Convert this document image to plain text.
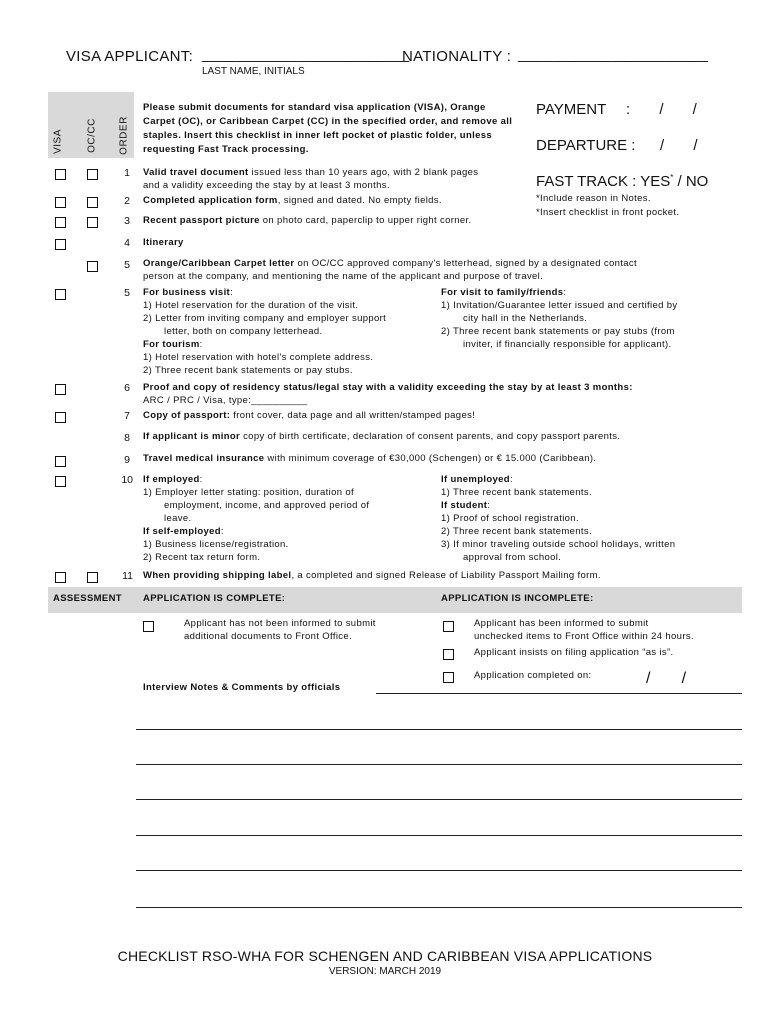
VISA APPLICANT: ________________________
LAST NAME, INITIALS
NATIONALITY : ______________________
VISA OC/CC ORDER
Please submit documents for standard visa application (VISA), Orange Carpet (OC), or Caribbean Carpet (CC) in the specified order, and remove all staples. Insert this checklist in inner left pocket of plastic folder, unless requesting Fast Track processing.
PAYMENT :       /       /
DEPARTURE : /       /
FAST TRACK : YES* / NO
*Include reason in Notes.
*Insert checklist in front pocket.
1 Valid travel document issued less than 10 years ago, with 2 blank pages
and a validity exceeding the stay by at least 3 months.
2 Completed application form, signed and dated. No empty fields.
3 Recent passport picture on photo card, paperclip to upper right corner.
4 Itinerary
5 Orange/Caribbean Carpet letter on OC/CC approved company's letterhead, signed by a designated contact
person at the company, and mentioning the name of the applicant and purpose of travel.
5 For business visit:
1) Hotel reservation for the duration of the visit.
2) Letter from inviting company and employer support
letter, both on company letterhead.
For tourism:
1) Hotel reservation with hotel's complete address.
2) Three recent bank statements or pay stubs.
For visit to family/friends:
1) Invitation/Guarantee letter issued and certified by
city hall in the Netherlands.
2) Three recent bank statements or pay stubs (from
inviter, if financially responsible for applicant).
6 Proof and copy of residency status/legal stay with a validity exceeding the stay by at least 3 months:
ARC / PRC / Visa, type:__________
7 Copy of passport: front cover, data page and all written/stamped pages!
8 If applicant is minor copy of birth certificate, declaration of consent parents, and copy passport parents.
9 Travel medical insurance with minimum coverage of €30,000 (Schengen) or € 15.000 (Caribbean).
10 If employed:
1) Employer letter stating: position, duration of
employment, income, and approved period of
leave.
If self-employed:
1) Business license/registration.
2) Recent tax return form.
If unemployed:
1) Three recent bank statements.
If student:
1) Proof of school registration.
2) Three recent bank statements.
3) If minor traveling outside school holidays, written
approval from school.
11 When providing shipping label, a completed and signed Release of Liability Passport Mailing form.
ASSESSMENT APPLICATION IS COMPLETE:	APPLICATION IS INCOMPLETE:
Applicant has not been informed to submit
additional documents to Front Office.
Applicant has been informed to submit
unchecked items to Front Office within 24 hours.
Applicant insists on filing application “as is”.
Application completed on:	/       /
Interview Notes & Comments by officials
CHECKLIST RSO-WHA FOR SCHENGEN AND CARIBBEAN VISA APPLICATIONS
VERSION: MARCH 2019
